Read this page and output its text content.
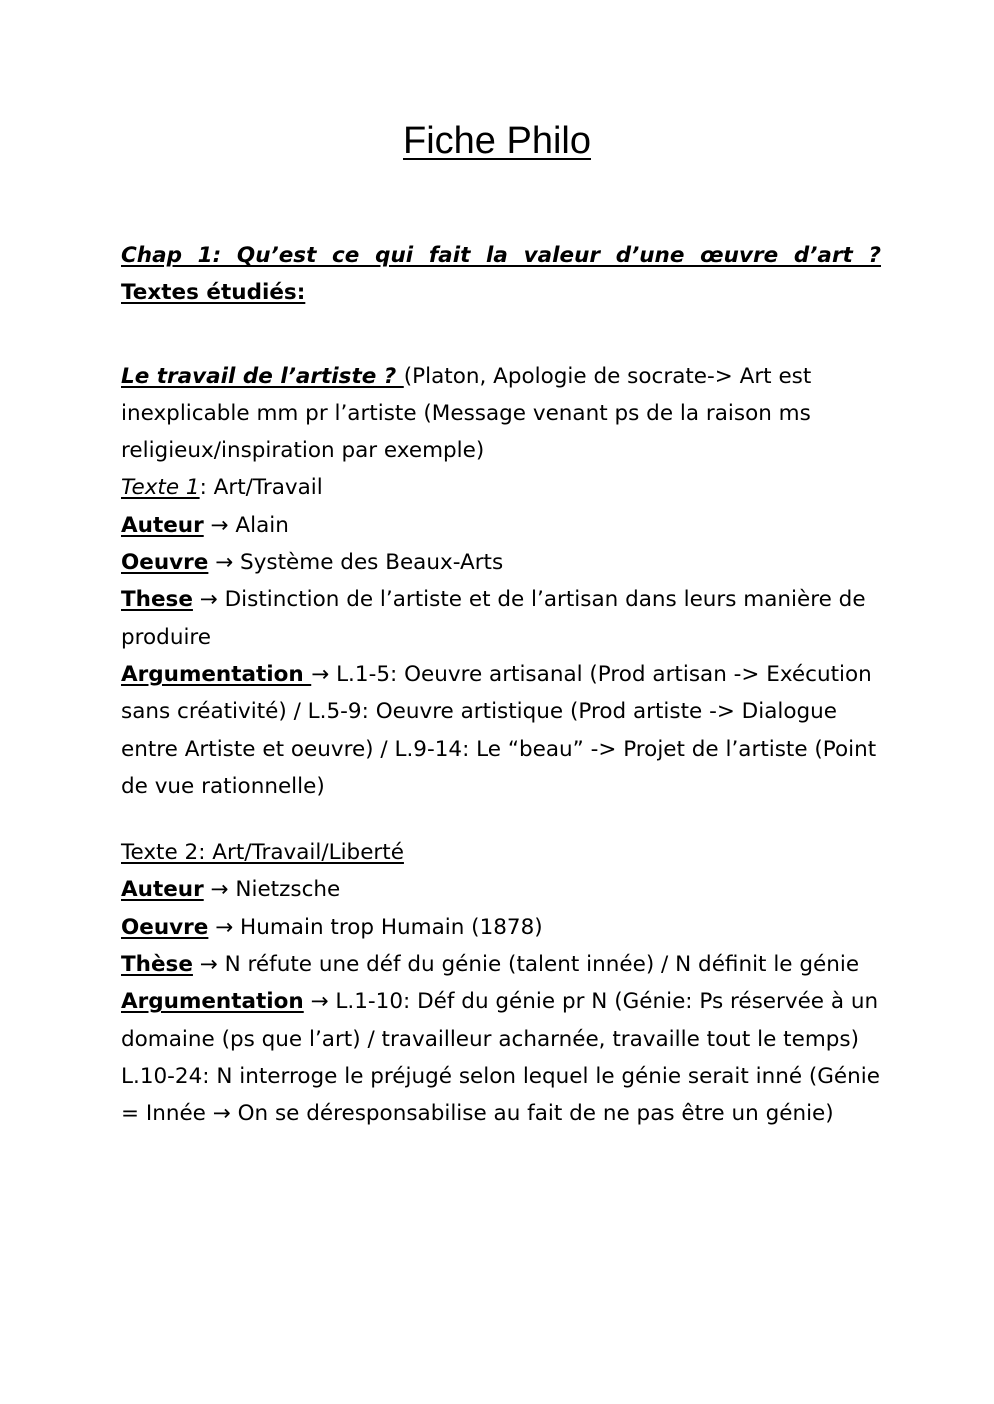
Fiche Philo

Chap 1: Qu’est ce qui fait la valeur d’une œuvre d’art ?

Textes étudiés:

Le travail de l’artiste ? (Platon, Apologie de socrate-> Art est inexplicable mm pr l’artiste (Message venant ps de la raison ms religieux/inspiration par exemple)

Texte 1: Art/Travail

Auteur → Alain

Oeuvre → Système des Beaux-Arts

These → Distinction de l’artiste et de l’artisan dans leurs manière de produire

Argumentation → L.1-5: Oeuvre artisanal (Prod artisan -> Exécution sans créativité) / L.5-9: Oeuvre artistique (Prod artiste -> Dialogue entre Artiste et oeuvre) / L.9-14: Le “beau” -> Projet de l’artiste (Point de vue rationnelle)

Texte 2: Art/Travail/Liberté

Auteur → Nietzsche

Oeuvre → Humain trop Humain (1878)

Thèse → N réfute une déf du génie (talent innée) / N définit le génie

Argumentation → L.1-10: Déf du génie pr N (Génie: Ps réservée à un domaine (ps que l’art) / travailleur acharnée, travaille tout le temps) L.10-24: N interroge le préjugé selon lequel le génie serait inné (Génie = Innée → On se déresponsabilise au fait de ne pas être un génie)
